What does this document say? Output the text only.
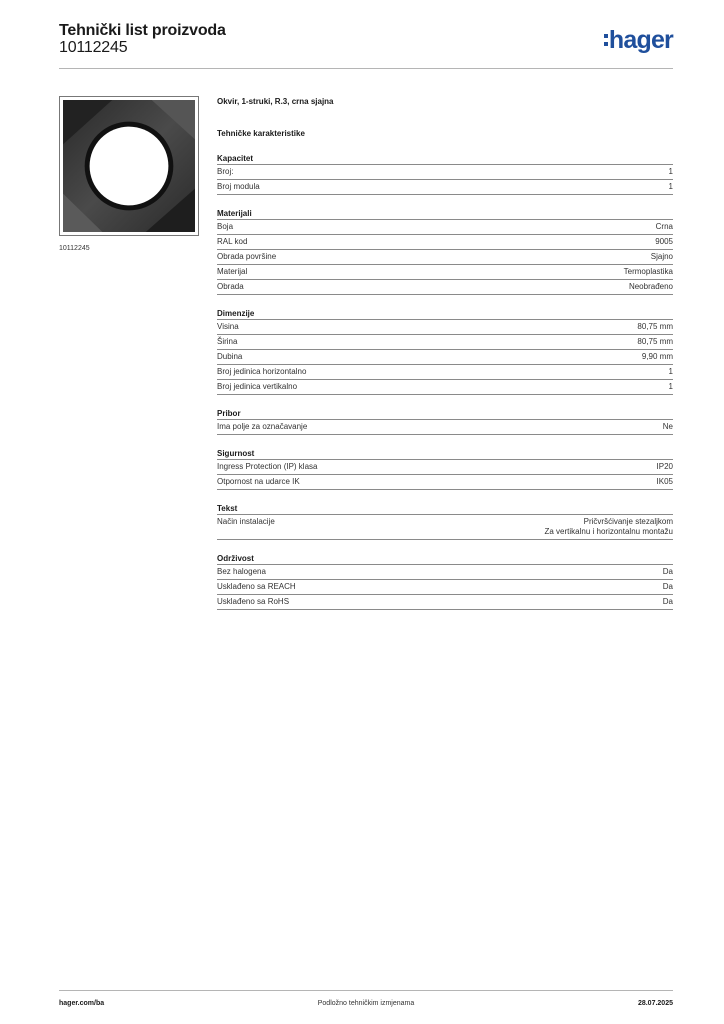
Tehnički list proizvoda
10112245	hager
10112245
Okvir, 1-struki, R.3, crna sjajna
Tehničke karakteristike
Kapacitet
Broj:	1
Broj modula	1
Materijali
Boja	Crna
RAL kod	9005
Obrada površine	Sjajno
Materijal	Termoplastika
Obrada	Neobrađeno
Dimenzije
Visina	80,75 mm
Širina	80,75 mm
Dubina	9,90 mm
Broj jedinica horizontalno	1
Broj jedinica vertikalno	1
Pribor
Ima polje za označavanje	Ne
Sigurnost
Ingress Protection (IP) klasa	IP20
Otpornost na udarce IK	IK05
Tekst
Način instalacije	Pričvršćivanje stezaljkom
Za vertikalnu i horizontalnu montažu
Održivost
Bez halogena	Da
Usklađeno sa REACH	Da
Usklađeno sa RoHS	Da
hager.com/ba	Podložno tehničkim izmjenama	28.07.2025
